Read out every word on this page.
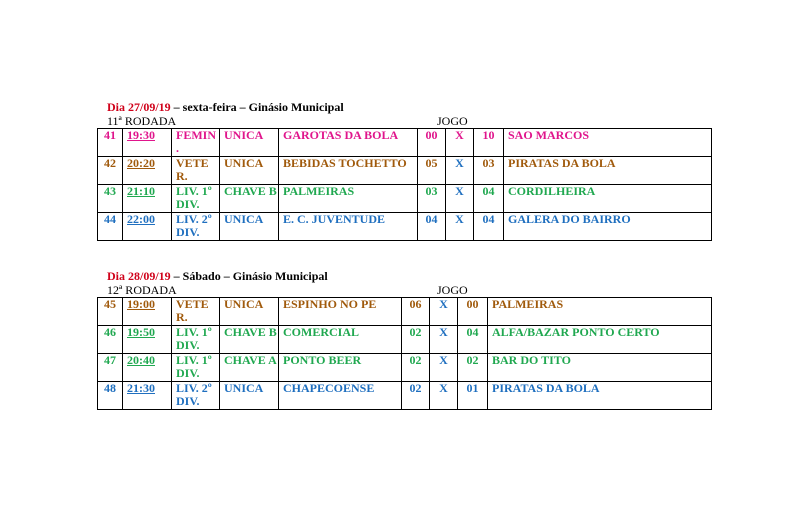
Dia 27/09/19 – sexta-feira – Ginásio Municipal
11ª RODADA	JOGO
41	19:30	FEMIN .	UNICA	GAROTAS DA BOLA	00	X	10	SAO MARCOS
42	20:20	VETE R.	UNICA	BEBIDAS TOCHETTO	05	X	03	PIRATAS DA BOLA
43	21:10	LIV. 1º DIV.	CHAVE B	PALMEIRAS	03	X	04	CORDILHEIRA
44	22:00	LIV. 2º DIV.	UNICA	E. C. JUVENTUDE	04	X	04	GALERA DO BAIRRO
Dia 28/09/19 – Sábado – Ginásio Municipal
12ª RODADA	JOGO
45	19:00	VETE R.	UNICA	ESPINHO NO PE	06	X	00	PALMEIRAS
46	19:50	LIV. 1º DIV.	CHAVE B	COMERCIAL	02	X	04	ALFA/BAZAR PONTO CERTO
47	20:40	LIV. 1º DIV.	CHAVE A	PONTO BEER	02	X	02	BAR DO TITO
48	21:30	LIV. 2º DIV.	UNICA	CHAPECOENSE	02	X	01	PIRATAS DA BOLA
